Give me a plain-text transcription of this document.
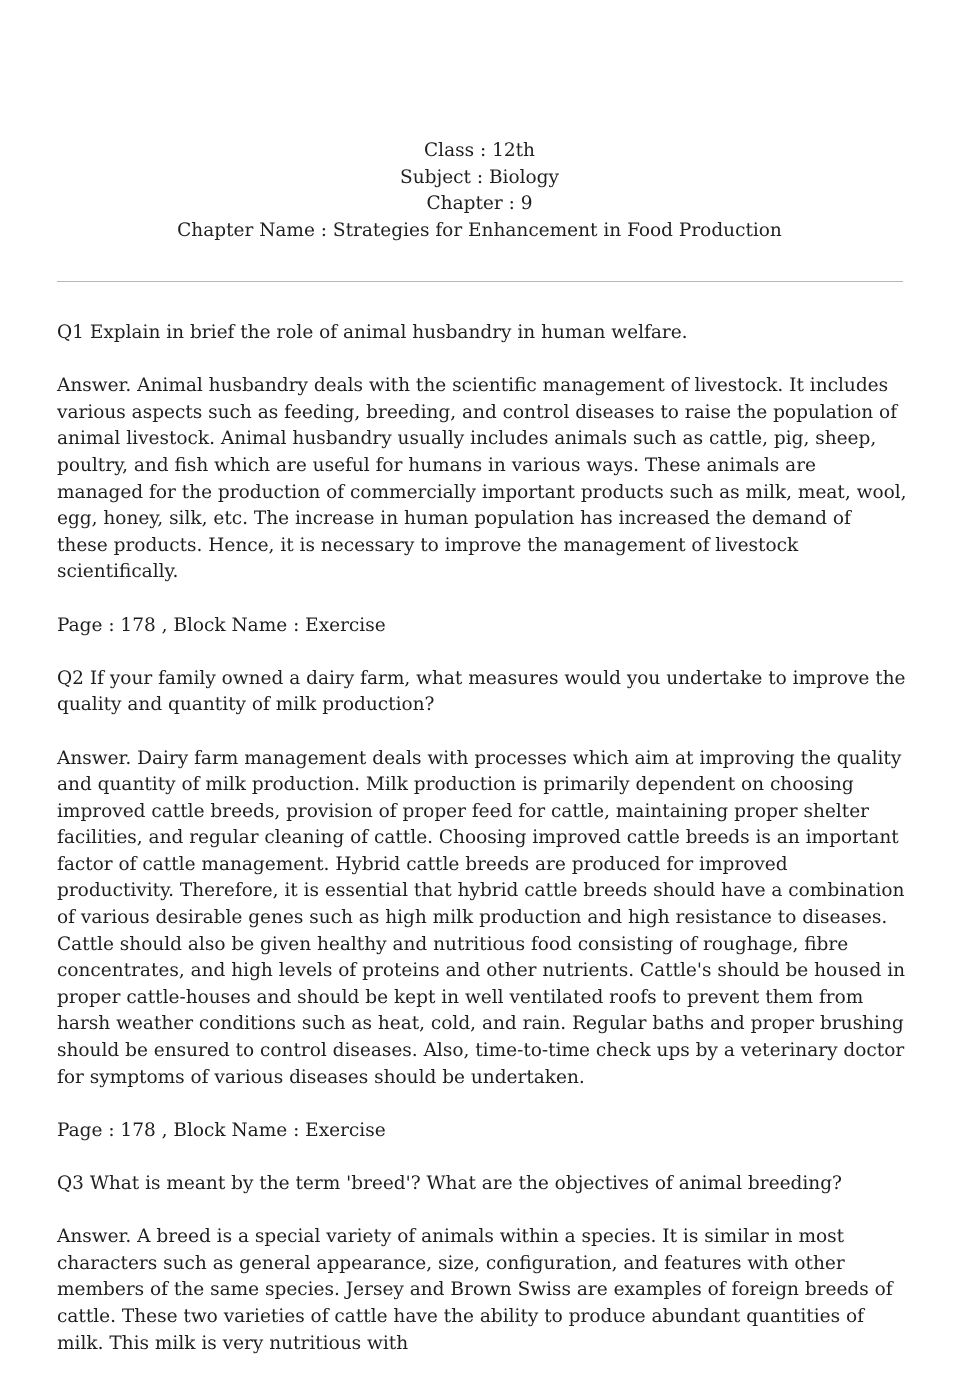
Class : 12th
Subject : Biology
Chapter : 9
Chapter Name : Strategies for Enhancement in Food Production

Q1 Explain in brief the role of animal husbandry in human welfare.

Answer. Animal husbandry deals with the scientific management of livestock. It includes various aspects such as feeding, breeding, and control diseases to raise the population of animal livestock. Animal husbandry usually includes animals such as cattle, pig, sheep, poultry, and fish which are useful for humans in various ways. These animals are managed for the production of commercially important products such as milk, meat, wool, egg, honey, silk, etc. The increase in human population has increased the demand of these products. Hence, it is necessary to improve the management of livestock scientifically.

Page : 178 , Block Name : Exercise

Q2 If your family owned a dairy farm, what measures would you undertake to improve the quality and quantity of milk production?

Answer. Dairy farm management deals with processes which aim at improving the quality and quantity of milk production. Milk production is primarily dependent on choosing improved cattle breeds, provision of proper feed for cattle, maintaining proper shelter facilities, and regular cleaning of cattle. Choosing improved cattle breeds is an important factor of cattle management. Hybrid cattle breeds are produced for improved productivity. Therefore, it is essential that hybrid cattle breeds should have a combination of various desirable genes such as high milk production and high resistance to diseases. Cattle should also be given healthy and nutritious food consisting of roughage, fibre concentrates, and high levels of proteins and other nutrients. Cattle's should be housed in proper cattle-houses and should be kept in well ventilated roofs to prevent them from harsh weather conditions such as heat, cold, and rain. Regular baths and proper brushing should be ensured to control diseases. Also, time-to-time check ups by a veterinary doctor for symptoms of various diseases should be undertaken.

Page : 178 , Block Name : Exercise

Q3 What is meant by the term 'breed'? What are the objectives of animal breeding?

Answer. A breed is a special variety of animals within a species. It is similar in most characters such as general appearance, size, configuration, and features with other members of the same species. Jersey and Brown Swiss are examples of foreign breeds of cattle. These two varieties of cattle have the ability to produce abundant quantities of milk. This milk is very nutritious with
